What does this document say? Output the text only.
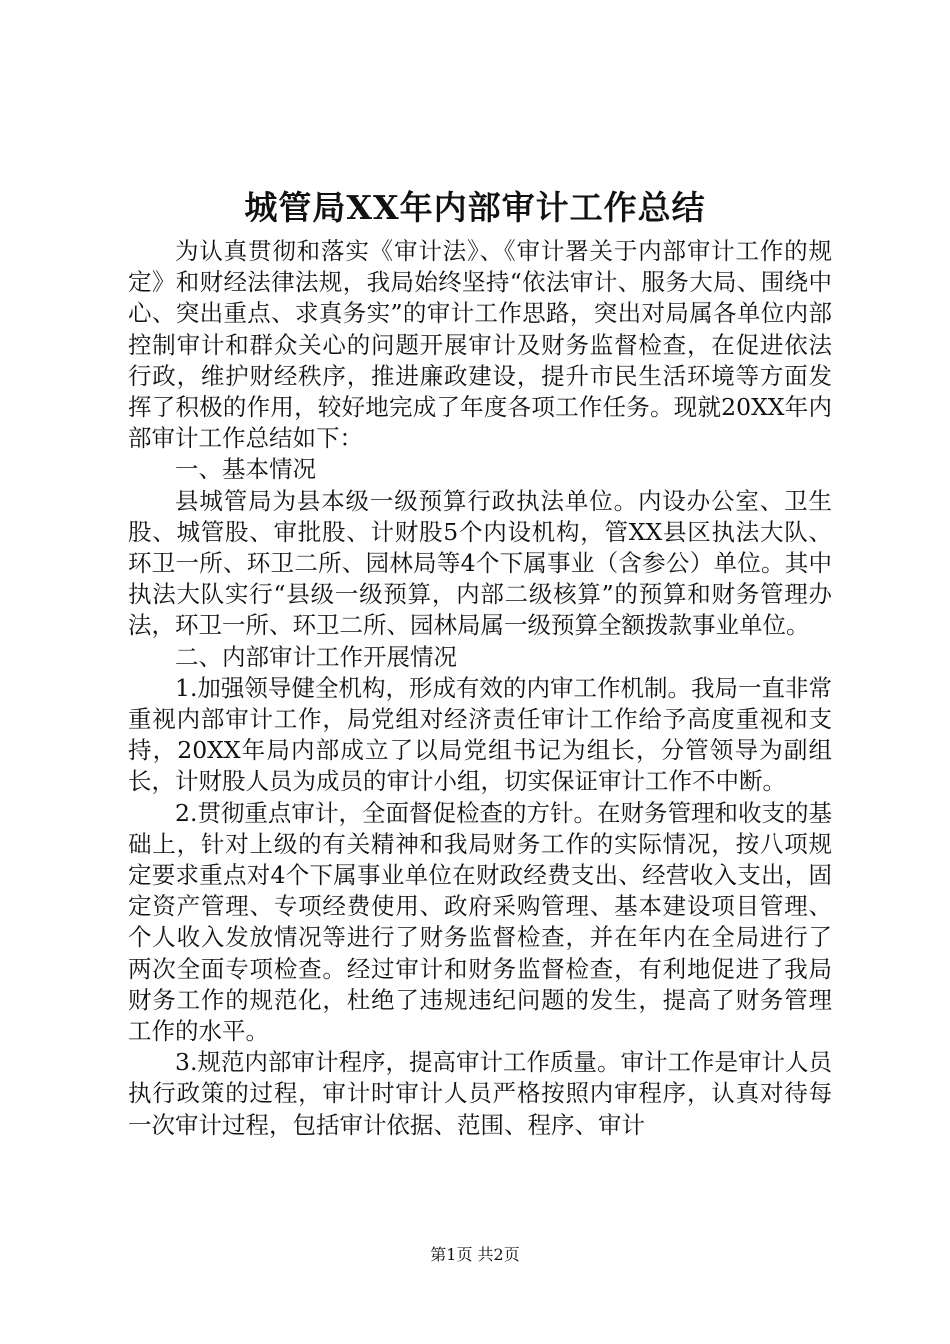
城管局XX年内部审计工作总结

为认真贯彻和落实《审计法》、《审计署关于内部审计工作的规定》和财经法律法规，我局始终坚持“依法审计、服务大局、围绕中心、突出重点、求真务实”的审计工作思路，突出对局属各单位内部控制审计和群众关心的问题开展审计及财务监督检查，在促进依法行政，维护财经秩序，推进廉政建设，提升市民生活环境等方面发挥了积极的作用，较好地完成了年度各项工作任务。现就20XX年内部审计工作总结如下：

一、基本情况

县城管局为县本级一级预算行政执法单位。内设办公室、卫生股、城管股、审批股、计财股5个内设机构，管XX县区执法大队、环卫一所、环卫二所、园林局等4个下属事业（含参公）单位。其中执法大队实行“县级一级预算，内部二级核算”的预算和财务管理办法，环卫一所、环卫二所、园林局属一级预算全额拨款事业单位。

二、内部审计工作开展情况

1.加强领导健全机构，形成有效的内审工作机制。我局一直非常重视内部审计工作，局党组对经济责任审计工作给予高度重视和支持，20XX年局内部成立了以局党组书记为组长，分管领导为副组长，计财股人员为成员的审计小组，切实保证审计工作不中断。

2.贯彻重点审计，全面督促检查的方针。在财务管理和收支的基础上，针对上级的有关精神和我局财务工作的实际情况，按八项规定要求重点对4个下属事业单位在财政经费支出、经营收入支出，固定资产管理、专项经费使用、政府采购管理、基本建设项目管理、个人收入发放情况等进行了财务监督检查，并在年内在全局进行了两次全面专项检查。经过审计和财务监督检查，有利地促进了我局财务工作的规范化，杜绝了违规违纪问题的发生，提高了财务管理工作的水平。

3.规范内部审计程序，提高审计工作质量。审计工作是审计人员执行政策的过程，审计时审计人员严格按照内审程序，认真对待每一次审计过程，包括审计依据、范围、程序、审计

第1页 共2页
